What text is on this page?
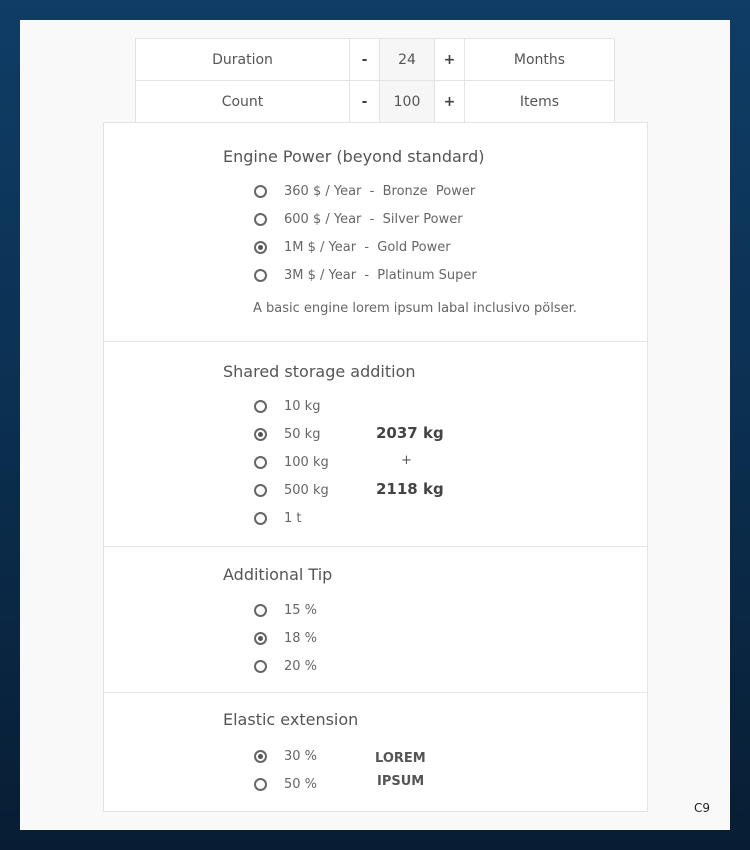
Duration	-	24	+	Months
Count	-	100	+	Items
Engine Power (beyond standard)
360 $ / Year  -  Bronze  Power
600 $ / Year  -  Silver Power
1M $ / Year  -  Gold Power
3M $ / Year  -  Platinum Super
A basic engine lorem ipsum labal inclusivo pölser.
Shared storage addition
10 kg
50 kg
100 kg
500 kg
1 t
2037 kg
+
2118 kg
Additional Tip
15 %
18 %
20 %
Elastic extension
30 %
50 %
LOREM
IPSUM
C9
